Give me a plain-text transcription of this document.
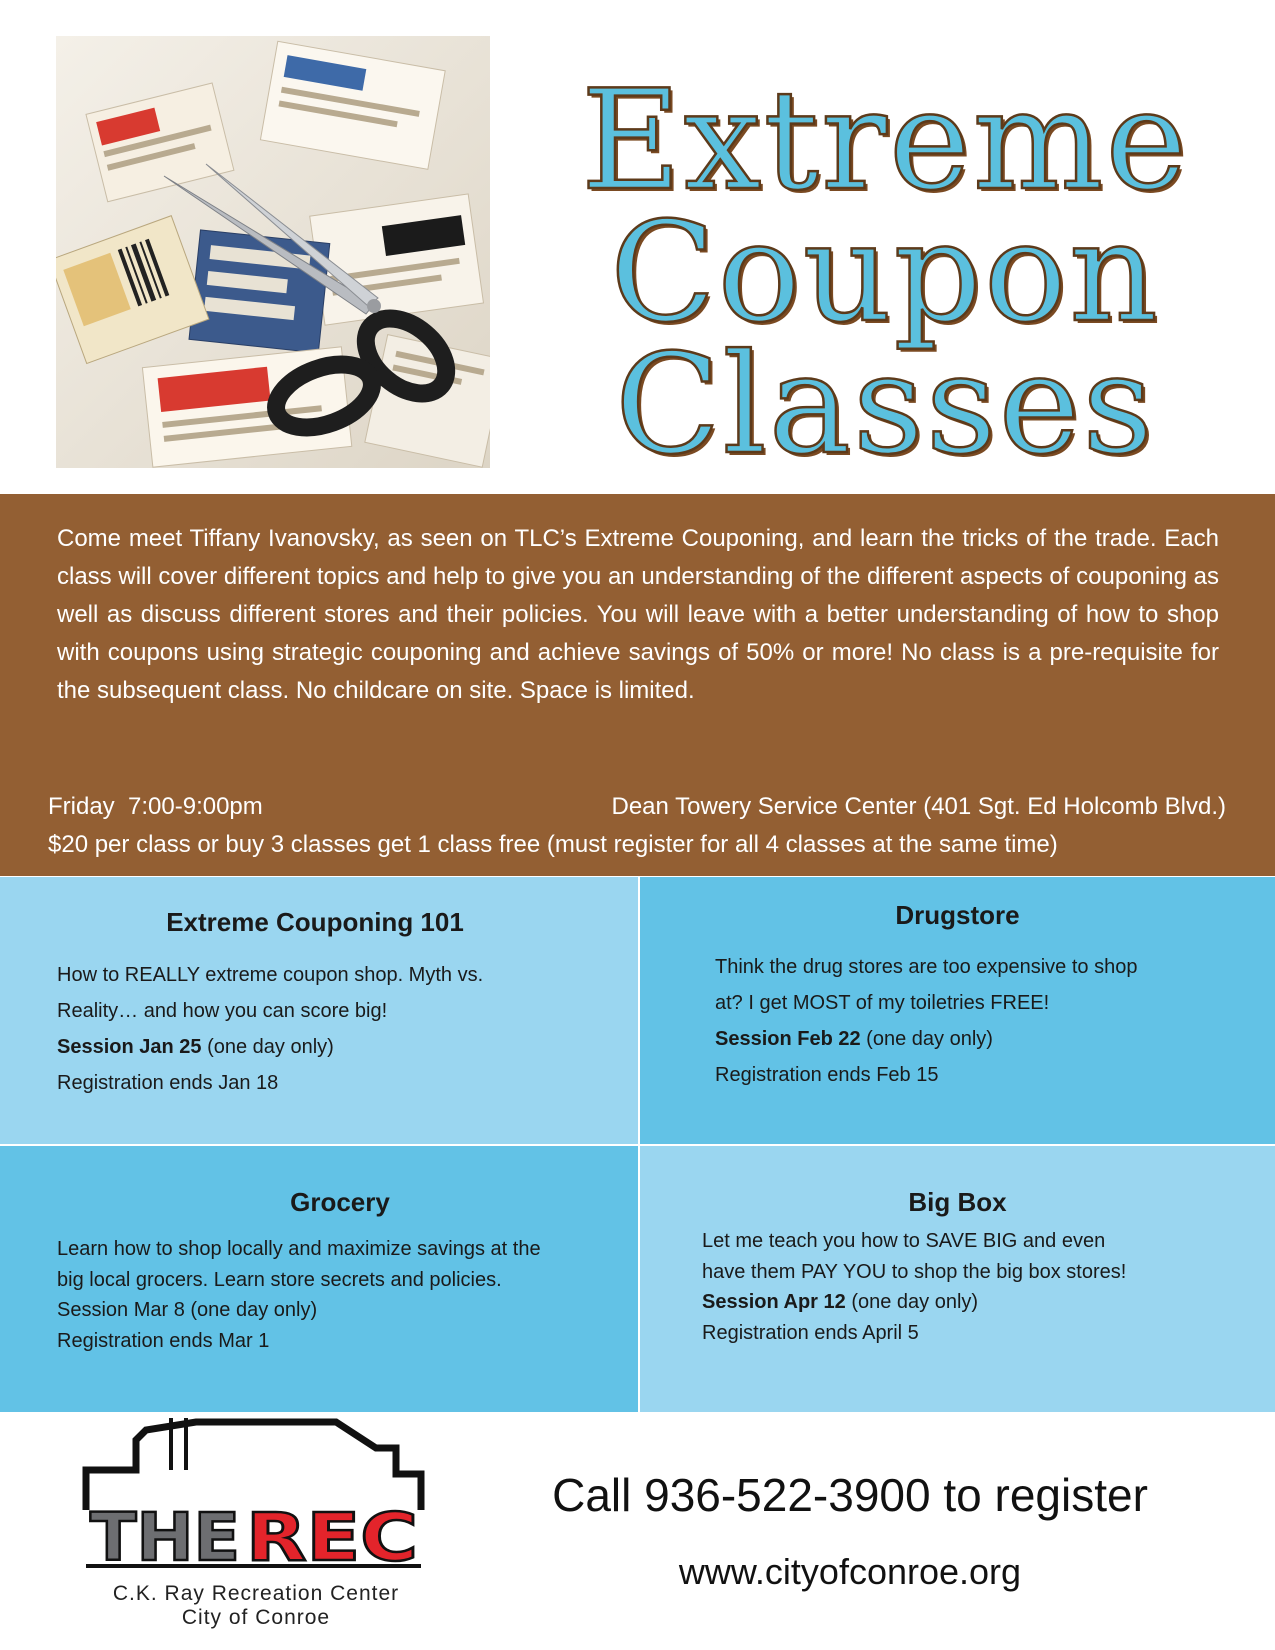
Extreme
Coupon
Classes

Come meet Tiffany Ivanovsky, as seen on TLC’s Extreme Couponing, and learn the tricks of the trade. Each class will cover different topics and help to give you an understanding of the different aspects of couponing as well as discuss different stores and their policies. You will leave with a better understanding of how to shop with coupons using strategic couponing and achieve savings of 50% or more! No class is a pre-requisite for the subsequent class. No childcare on site. Space is limited.

Friday  7:00-9:00pm	Dean Towery Service Center (401 Sgt. Ed Holcomb Blvd.)
$20 per class or buy 3 classes get 1 class free (must register for all 4 classes at the same time)
Extreme Couponing 101
How to REALLY extreme coupon shop. Myth vs.
Reality… and how you can score big!
Session Jan 25 (one day only)
Registration ends Jan 18
Drugstore
Think the drug stores are too expensive to shop
at? I get MOST of my toiletries FREE!
Session Feb 22 (one day only)
Registration ends Feb 15
Grocery
Learn how to shop locally and maximize savings at the
big local grocers. Learn store secrets and policies.
Session Mar 8 (one day only)
Registration ends Mar 1
Big Box
Let me teach you how to SAVE BIG and even
have them PAY YOU to shop the big box stores!
Session Apr 12 (one day only)
Registration ends April 5
THE REC
C.K. Ray Recreation Center
City of Conroe
Call 936-522-3900 to register
www.cityofconroe.org
